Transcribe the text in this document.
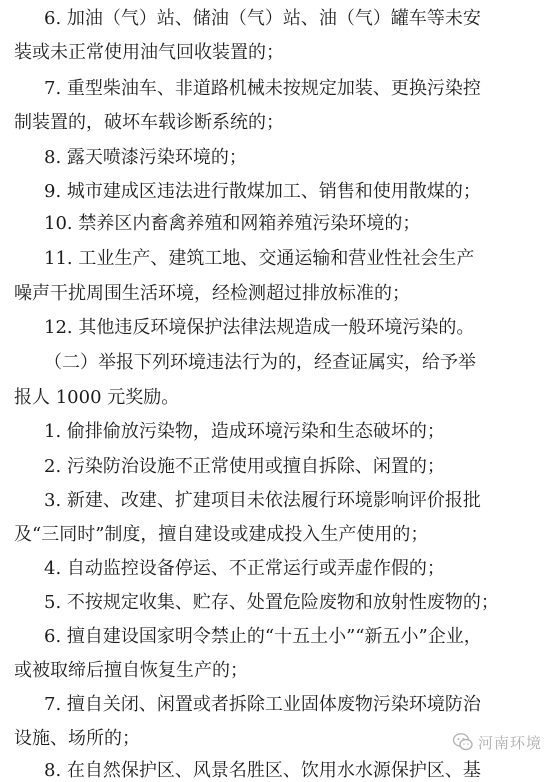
6. 加油（气）站、储油（气）站、油（气）罐车等未安
装或未正常使用油气回收装置的；
7. 重型柴油车、非道路机械未按规定加装、更换污染控
制装置的，破坏车载诊断系统的；
8. 露天喷漆污染环境的；
9. 城市建成区违法进行散煤加工、销售和使用散煤的；
10. 禁养区内畜禽养殖和网箱养殖污染环境的；
11. 工业生产、建筑工地、交通运输和营业性社会生产
噪声干扰周围生活环境，经检测超过排放标准的；
12. 其他违反环境保护法律法规造成一般环境污染的。
（二）举报下列环境违法行为的，经查证属实，给予举
报人 1000 元奖励。
1. 偷排偷放污染物，造成环境污染和生态破坏的；
2. 污染防治设施不正常使用或擅自拆除、闲置的；
3. 新建、改建、扩建项目未依法履行环境影响评价报批
及“三同时”制度，擅自建设或建成投入生产使用的；
4. 自动监控设备停运、不正常运行或弄虚作假的；
5. 不按规定收集、贮存、处置危险废物和放射性废物的；
6. 擅自建设国家明令禁止的“十五土小”“新五小”企业，
或被取缔后擅自恢复生产的；
7. 擅自关闭、闲置或者拆除工业固体废物污染环境防治
设施、场所的；
8. 在自然保护区、风景名胜区、饮用水水源保护区、基
河南环境
